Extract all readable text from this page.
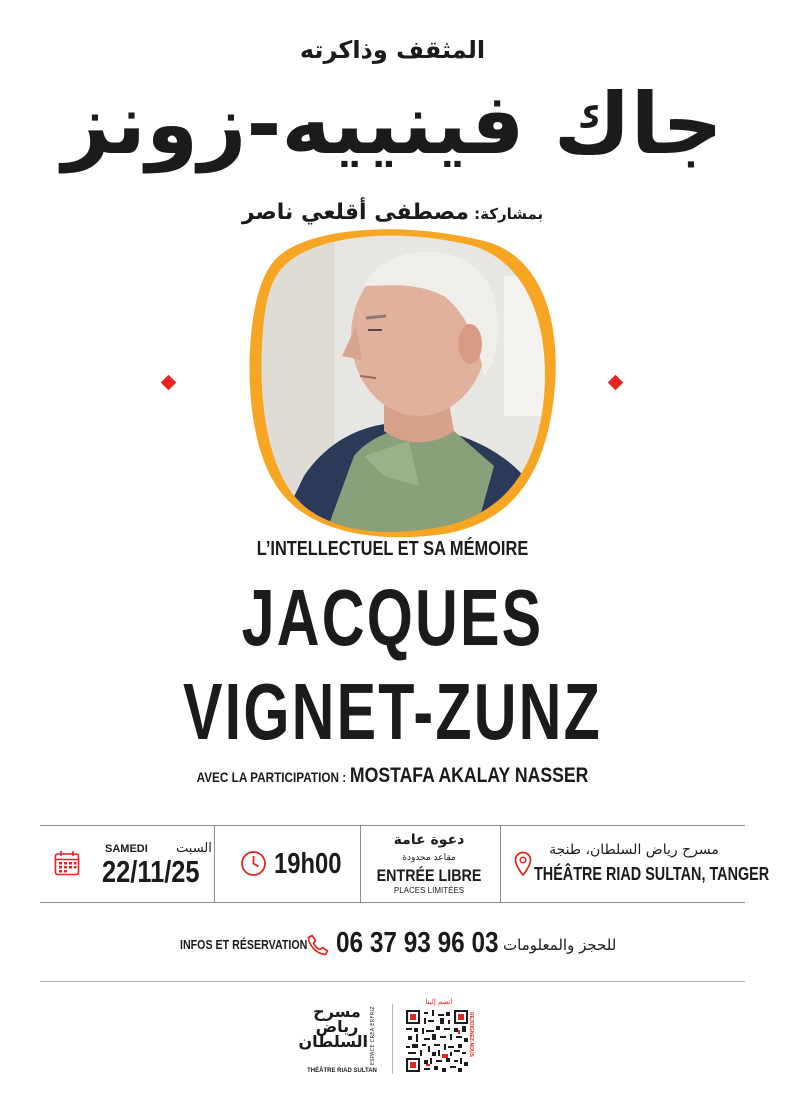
المثقف وذاكرته
جاك فينييه-زونز
بمشاركة: مصطفى أقلعي ناصر
L’INTELLECTUEL ET SA MÉMOIRE
JACQUES
VIGNET-ZUNZ
AVEC LA PARTICIPATION : MOSTAFA AKALAY NASSER
SAMEDI السبت
22/11/25	19h00
دعوة عامة
مقاعد محدودة
ENTRÉE LIBRE
PLACES LIMITÉES
مسرح رياض السلطان، طنجة
THÉÂTRE RIAD SULTAN, TANGER
INFOS ET RÉSERVATION 06 37 93 96 03 للحجز والمعلومات
مسرح رياض السلطان ESPACE CREA ERFRIZ
THÉÂTRE RIAD SULTAN
انضم إلينا
REJOIGNEZ-NOUS
